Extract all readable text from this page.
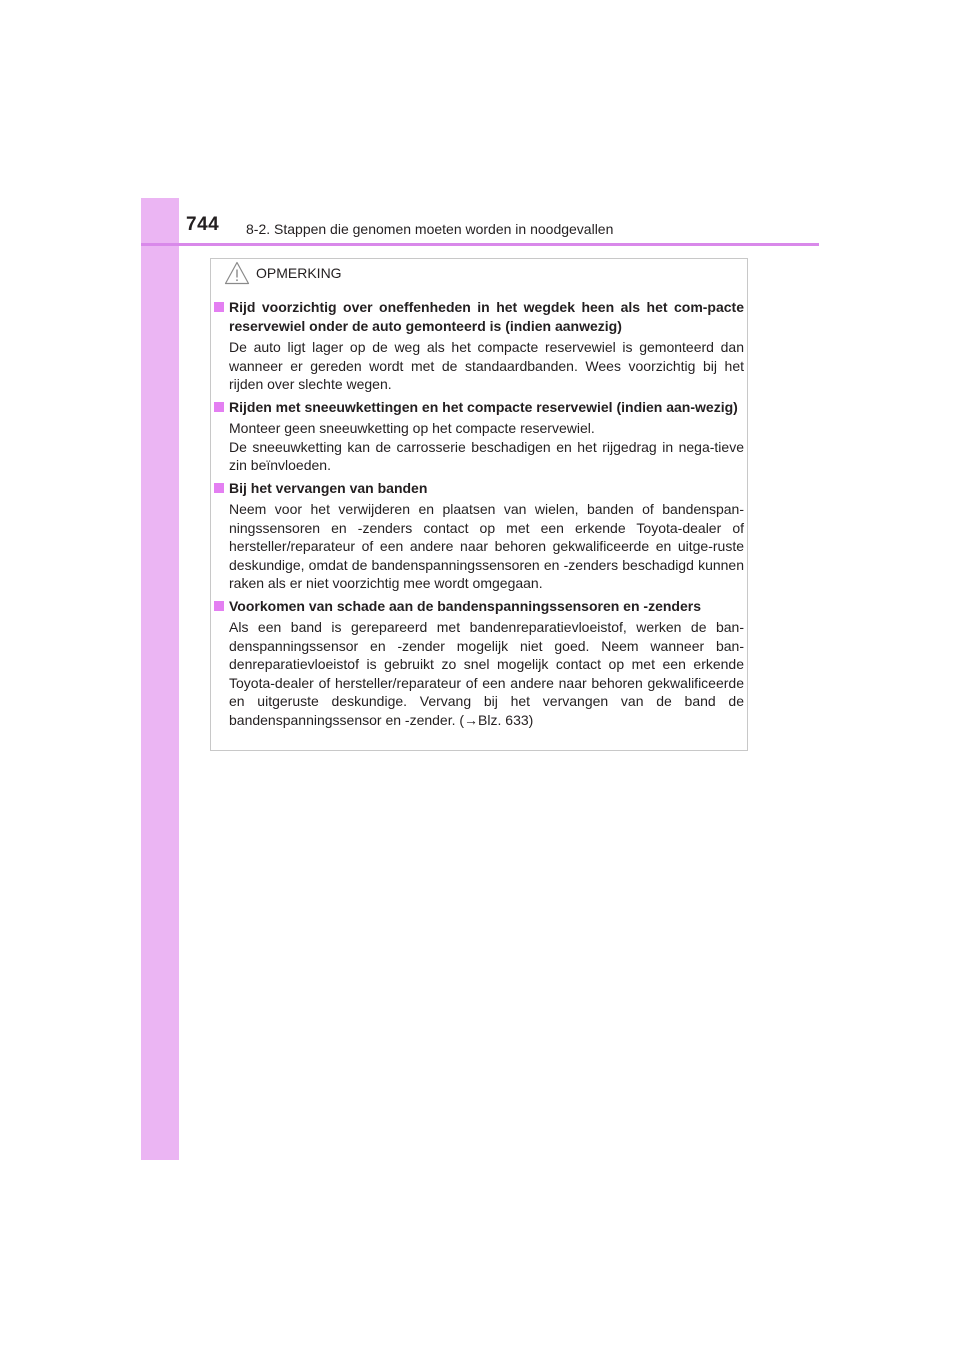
744 8-2. Stappen die genomen moeten worden in noodgevallen
OPMERKING
Rijd voorzichtig over oneffenheden in het wegdek heen als het com-pacte reservewiel onder de auto gemonteerd is (indien aanwezig)
De auto ligt lager op de weg als het compacte reservewiel is gemonteerd dan wanneer er gereden wordt met de standaardbanden. Wees voorzichtig bij het rijden over slechte wegen.
Rijden met sneeuwkettingen en het compacte reservewiel (indien aan-wezig)
Monteer geen sneeuwketting op het compacte reservewiel.
De sneeuwketting kan de carrosserie beschadigen en het rijgedrag in nega-tieve zin beïnvloeden.
Bij het vervangen van banden
Neem voor het verwijderen en plaatsen van wielen, banden of bandenspan-ningssensoren en -zenders contact op met een erkende Toyota-dealer of hersteller/reparateur of een andere naar behoren gekwalificeerde en uitge-ruste deskundige, omdat de bandenspanningssensoren en -zenders beschadigd kunnen raken als er niet voorzichtig mee wordt omgegaan.
Voorkomen van schade aan de bandenspanningssensoren en -zenders
Als een band is gerepareerd met bandenreparatievloeistof, werken de ban-denspanningssensor en -zender mogelijk niet goed. Neem wanneer ban-denreparatievloeistof is gebruikt zo snel mogelijk contact op met een erkende Toyota-dealer of hersteller/reparateur of een andere naar behoren gekwalificeerde en uitgeruste deskundige. Vervang bij het vervangen van de band de bandenspanningssensor en -zender. (→Blz. 633)
